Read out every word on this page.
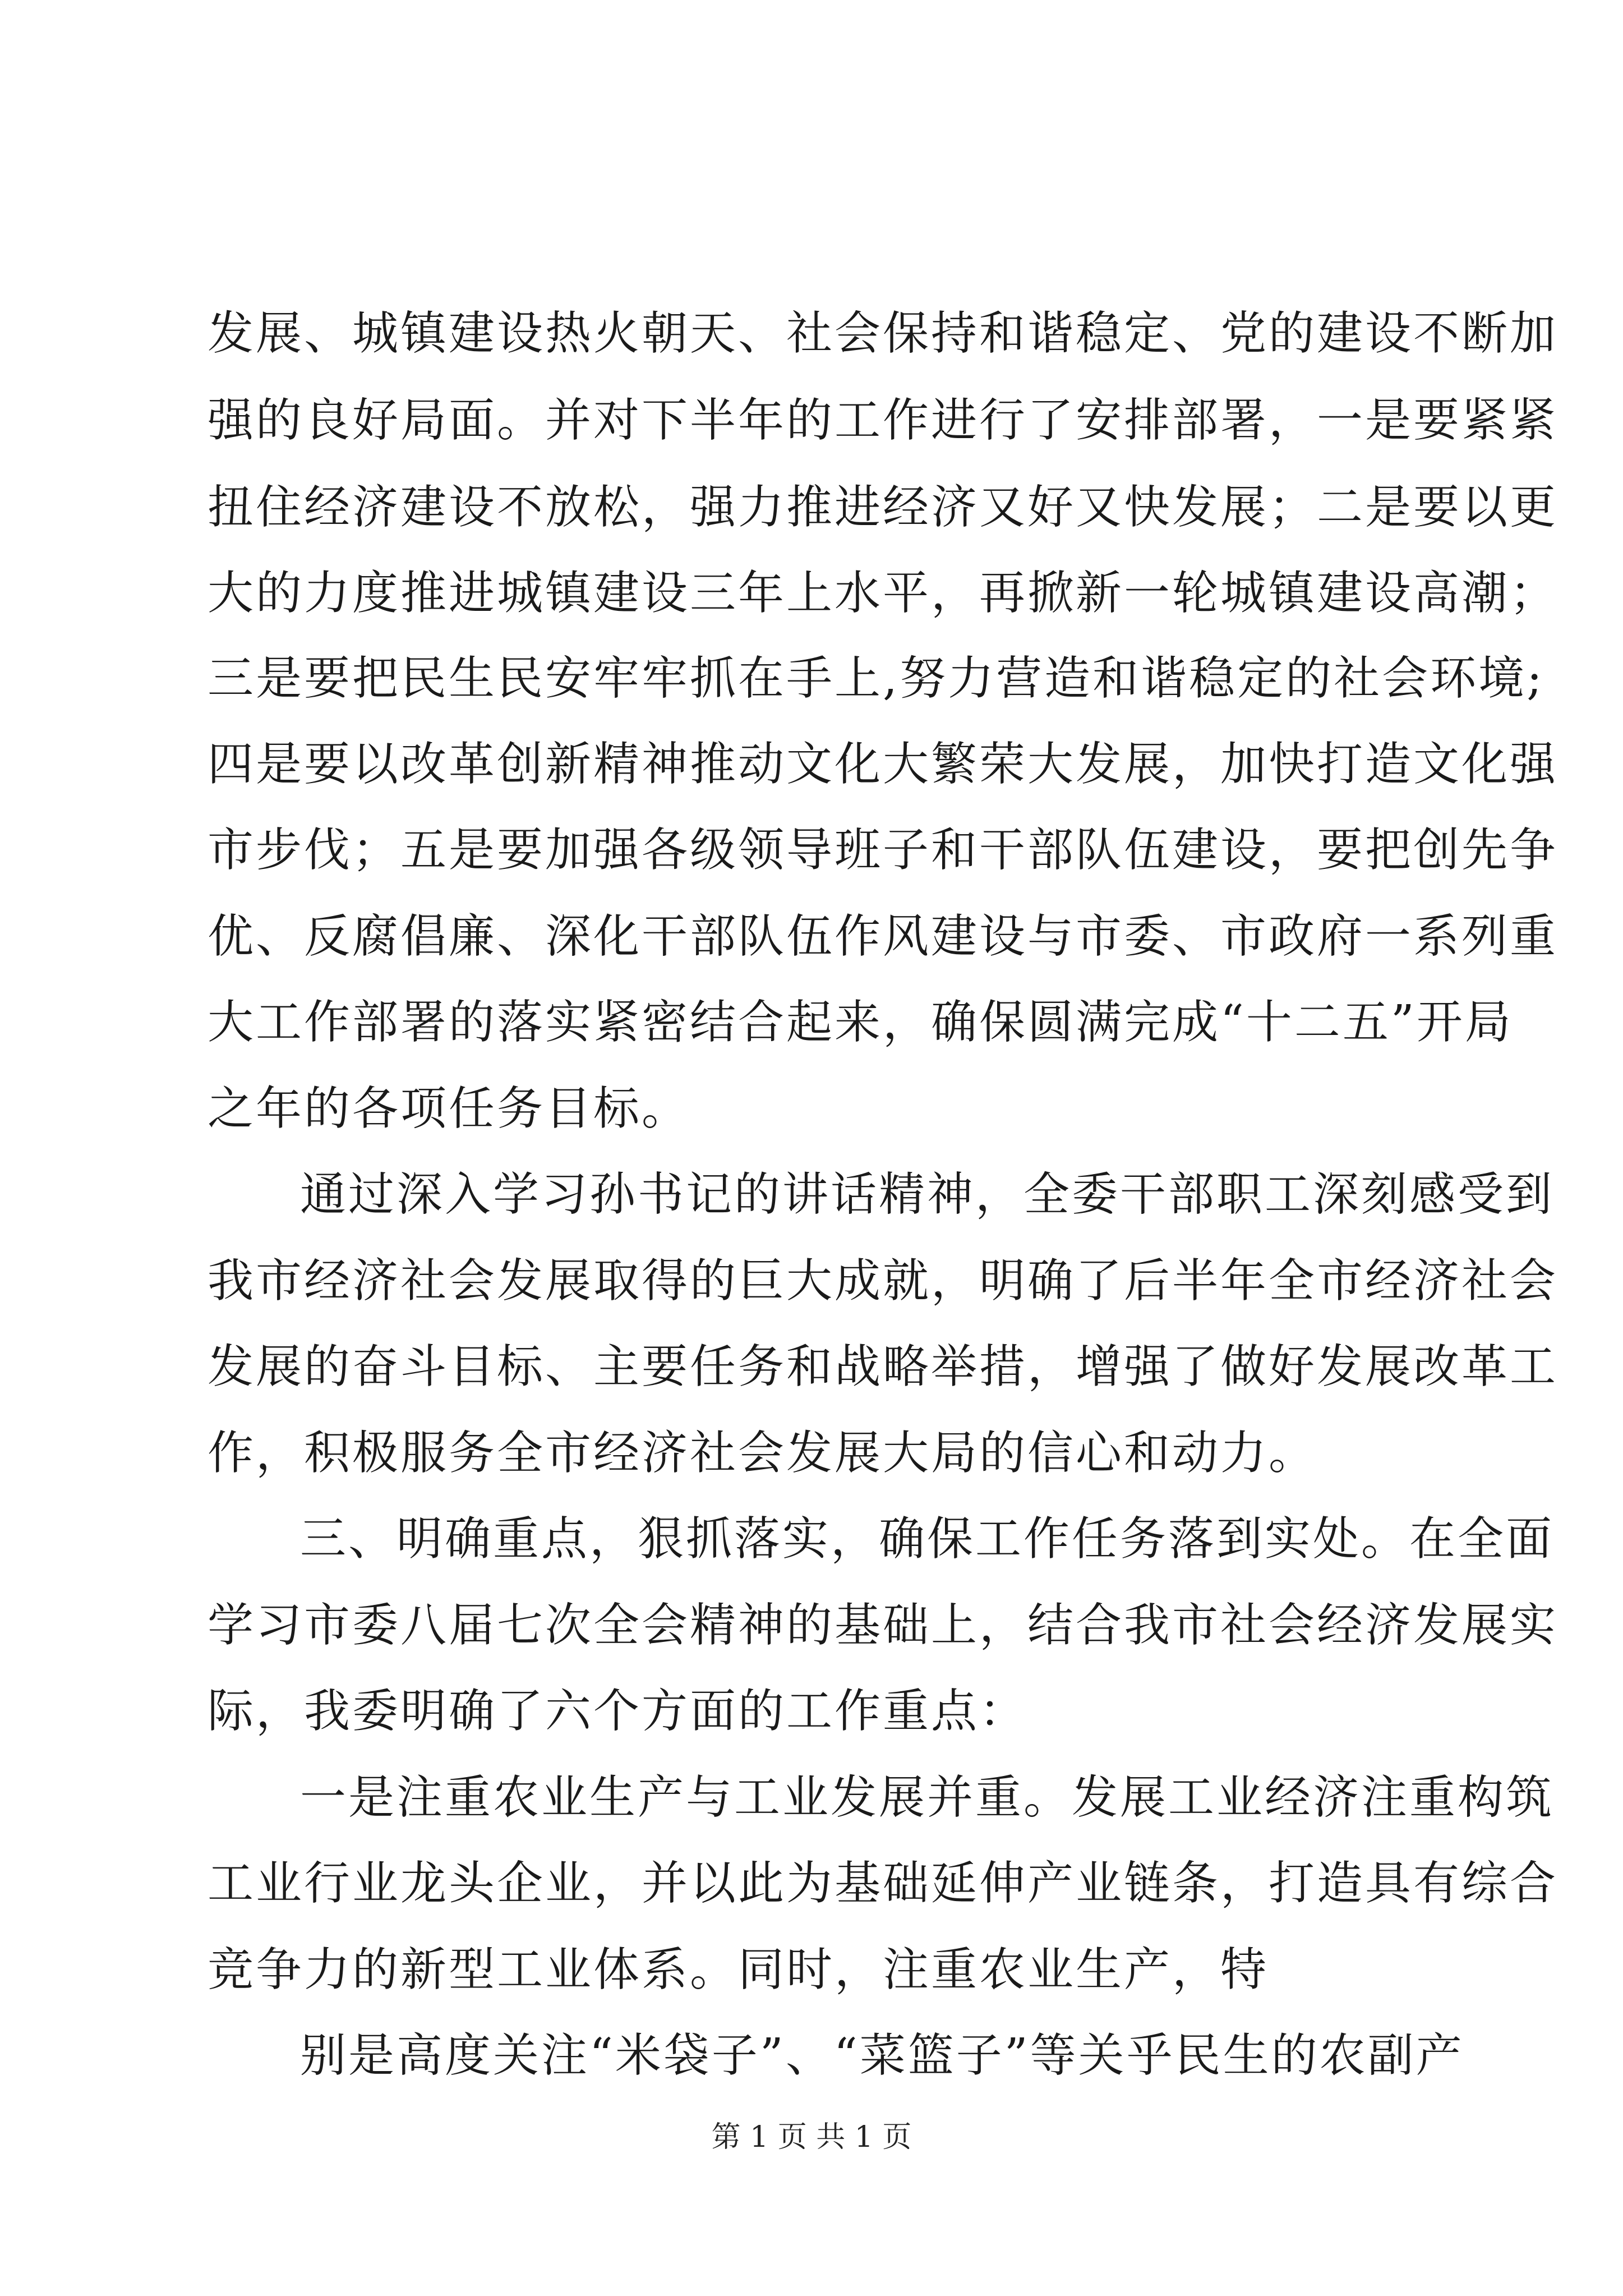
发展、城镇建设热火朝天、社会保持和谐稳定、党的建设不断加
强的良好局面。并对下半年的工作进行了安排部署，一是要紧紧
扭住经济建设不放松，强力推进经济又好又快发展；二是要以更
大的力度推进城镇建设三年上水平，再掀新一轮城镇建设高潮；
三是要把民生民安牢牢抓在手上,努力营造和谐稳定的社会环境;
四是要以改革创新精神推动文化大繁荣大发展，加快打造文化强
市步伐；五是要加强各级领导班子和干部队伍建设，要把创先争
优、反腐倡廉、深化干部队伍作风建设与市委、市政府一系列重
大工作部署的落实紧密结合起来，确保圆满完成“十二五”开局
之年的各项任务目标。
通过深入学习孙书记的讲话精神，全委干部职工深刻感受到
我市经济社会发展取得的巨大成就，明确了后半年全市经济社会
发展的奋斗目标、主要任务和战略举措，增强了做好发展改革工
作，积极服务全市经济社会发展大局的信心和动力。
三、明确重点，狠抓落实，确保工作任务落到实处。在全面
学习市委八届七次全会精神的基础上，结合我市社会经济发展实
际，我委明确了六个方面的工作重点：
一是注重农业生产与工业发展并重。发展工业经济注重构筑
工业行业龙头企业，并以此为基础延伸产业链条，打造具有综合
竞争力的新型工业体系。同时，注重农业生产，特
别是高度关注“米袋子”、“菜篮子”等关乎民生的农副产
第 1 页 共 1 页
